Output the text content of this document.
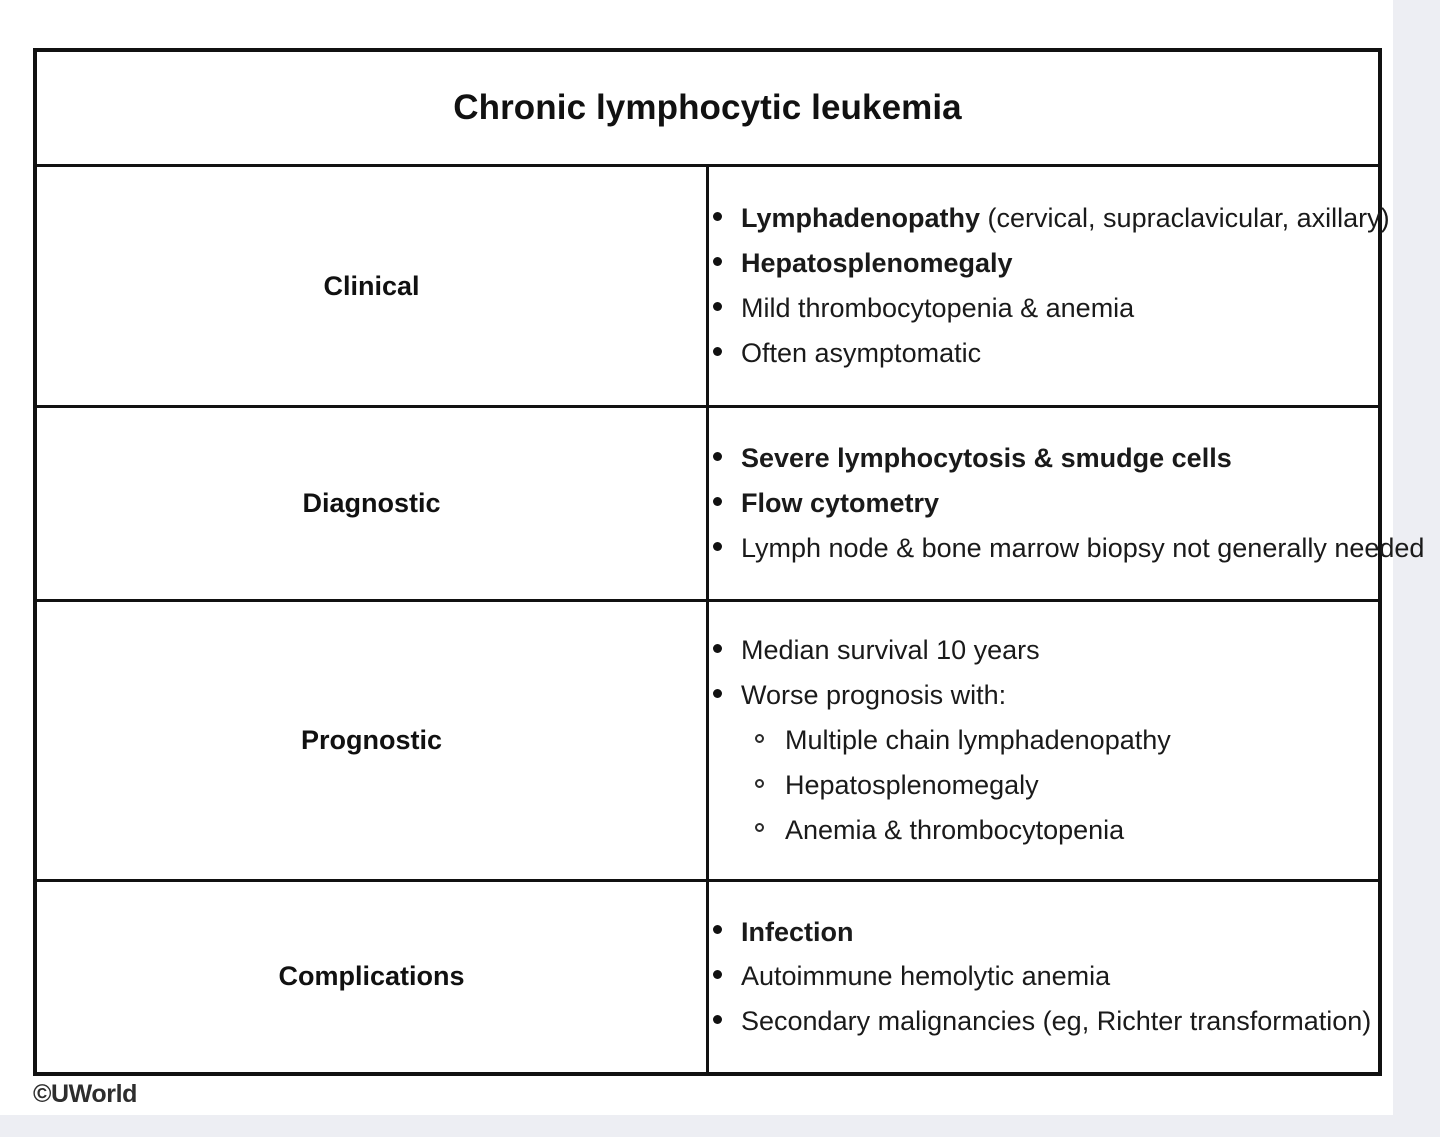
Chronic lymphocytic leukemia	
Clinical	
Lymphadenopathy (cervical, supraclavicular, axillary)
Hepatosplenomegaly
Mild thrombocytopenia & anemia
Often asymptomatic

Diagnostic	
Severe lymphocytosis & smudge cells
Flow cytometry
Lymph node & bone marrow biopsy not generally needed

Prognostic	
Median survival 10 years
Worse prognosis with:
Multiple chain lymphadenopathy
Hepatosplenomegaly
Anemia & thrombocytopenia

Complications	
Infection
Autoimmune hemolytic anemia
Secondary malignancies (eg, Richter transformation)
©UWorld
